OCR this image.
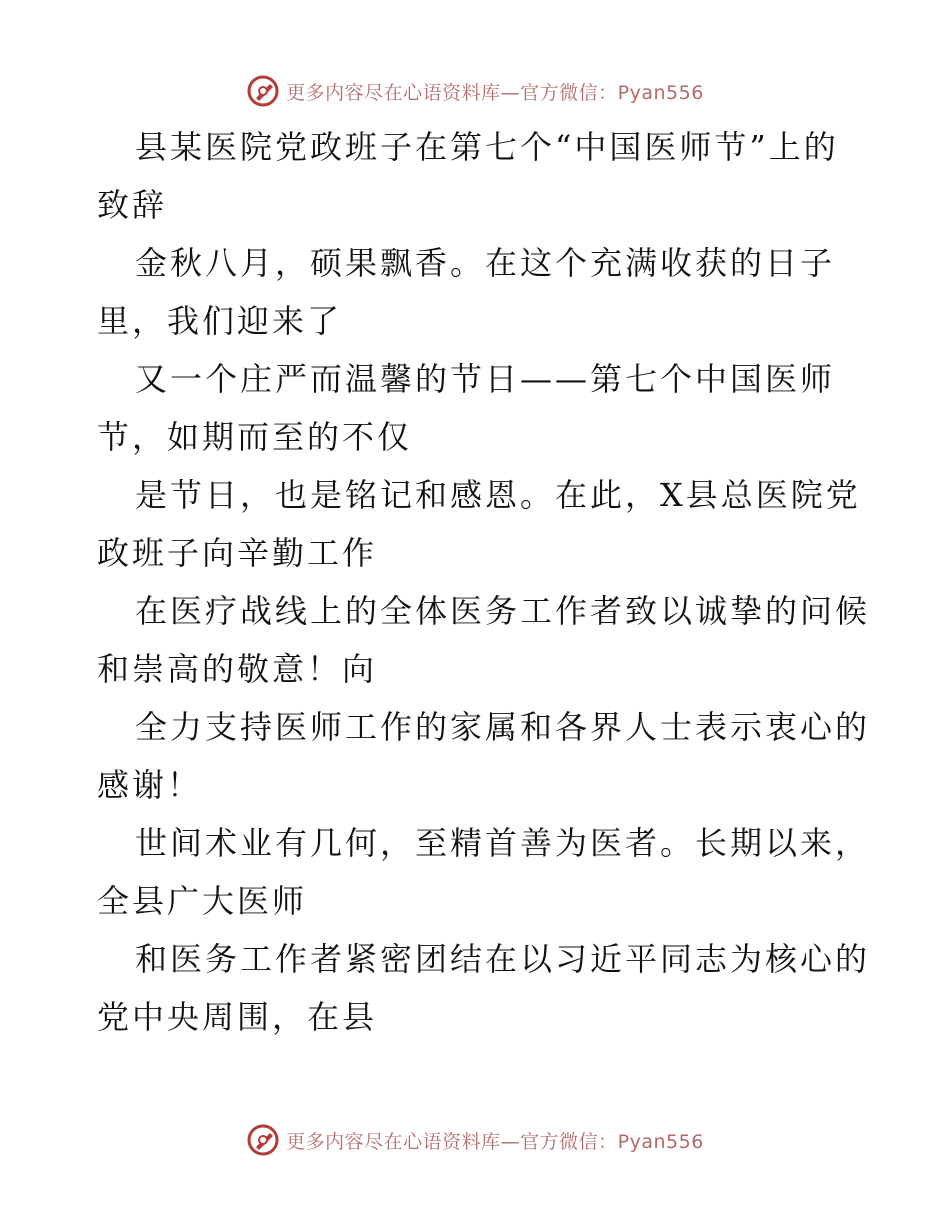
更多内容尽在心语资料库—官方微信：Pyan556
县某医院党政班子在第七个“中国医师节”上的
致辞
金秋八月，硕果飘香。在这个充满收获的日子
里，我们迎来了
又一个庄严而温馨的节日——第七个中国医师
节，如期而至的不仅
是节日，也是铭记和感恩。在此，X县总医院党
政班子向辛勤工作
在医疗战线上的全体医务工作者致以诚挚的问候
和崇高的敬意！向
全力支持医师工作的家属和各界人士表示衷心的
感谢！
世间术业有几何，至精首善为医者。长期以来，
全县广大医师
和医务工作者紧密团结在以习近平同志为核心的
党中央周围，在县
更多内容尽在心语资料库—官方微信：Pyan556
